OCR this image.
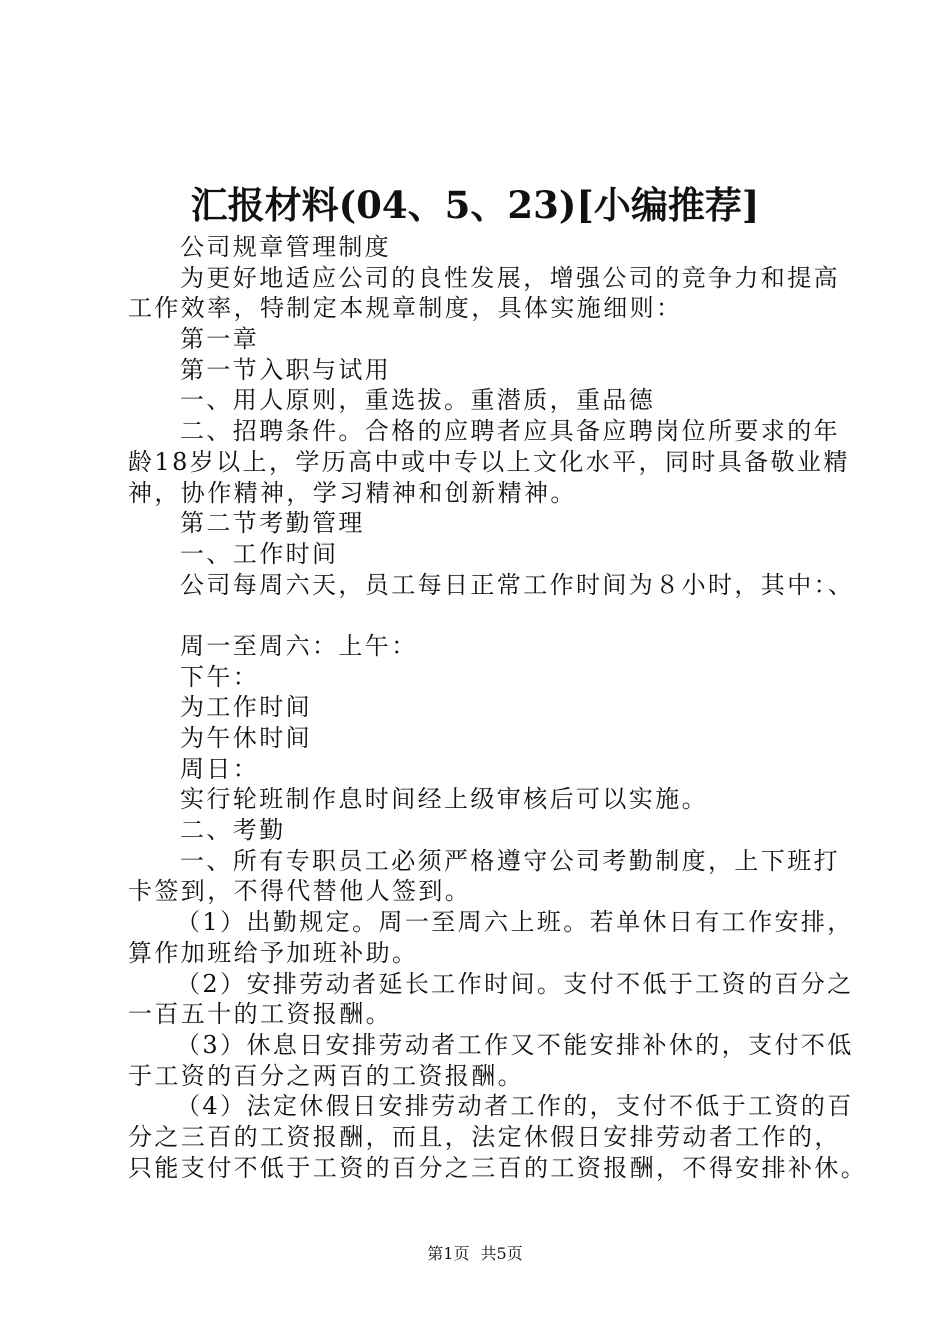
汇报材料(04、5、23)[小编推荐]
公司规章管理制度
为更好地适应公司的良性发展，增强公司的竞争力和提高
工作效率，特制定本规章制度，具体实施细则：
第一章
第一节入职与试用
一、用人原则，重选拔。重潜质，重品德
二、招聘条件。合格的应聘者应具备应聘岗位所要求的年
龄18岁以上，学历高中或中专以上文化水平，同时具备敬业精
神，协作精神，学习精神和创新精神。
第二节考勤管理
一、工作时间
公司每周六天，员工每日正常工作时间为８小时，其中：、
周一至周六：上午：
下午：
为工作时间
为午休时间
周日：
实行轮班制作息时间经上级审核后可以实施。
二、考勤
一、所有专职员工必须严格遵守公司考勤制度，上下班打
卡签到，不得代替他人签到。
（1）出勤规定。周一至周六上班。若单休日有工作安排，
算作加班给予加班补助。
（2）安排劳动者延长工作时间。支付不低于工资的百分之
一百五十的工资报酬。
（3）休息日安排劳动者工作又不能安排补休的，支付不低
于工资的百分之两百的工资报酬。
（4）法定休假日安排劳动者工作的，支付不低于工资的百
分之三百的工资报酬，而且，法定休假日安排劳动者工作的，
只能支付不低于工资的百分之三百的工资报酬，不得安排补休。
第1页 共5页
